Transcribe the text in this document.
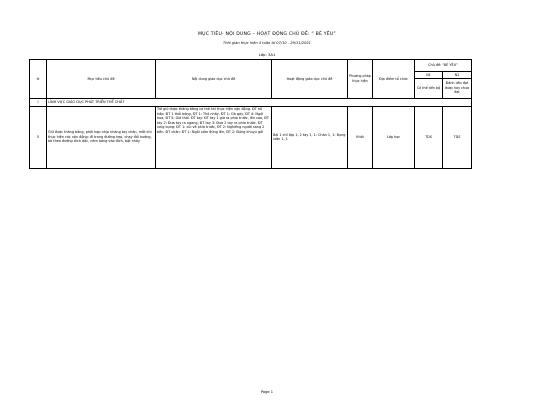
MỤC TIÊU- NỘI DUNG – HOẠT ĐỘNG CHỦ ĐỀ: “ BÉ YÊU”
Thời gian thực hiện 4 tuần từ 07/10 - 29/11/2021
Lớp: 3A1
tt	Mục tiêu chủ đề	Nội dung giáo dục chủ đề	Hoạt động giáo dục chủ đề	Phương pháp thực hiện	Địa điểm tổ chức	Chủ đề: “BÉ YÊU”	
						N1	N2
						Có thể tiến bộ	Đánh dấu đạt được hay chưa đạt
I	LĨNH VỰC GIÁO DỤC PHÁT TRIỂN THỂ CHẤT						
5	Giữ được thăng bằng, phối hợp nhịp nhàng tay chân, mắt khi thực hiện các vận động: đi trong đường hẹp, chạy đổi hướng, bò theo đường dích dắc, ném bóng vào đích, bật nhảy	Trẻ giữ được thăng bằng cơ thể khi thực hiện vận động. ĐT hô hấp: ĐT 1 thổi bóng, ĐT 1: Thỏ nhảy, ĐT 1: Gà gáy, ĐT 4: Ngửi hoa, ĐT 5: Gió thổi. ĐT tay: ĐT tay 1 giơ ra phía trước, lên cao, ĐT tay 2: Đưa tay ra ngang, ĐT tay 3: Đưa 2 tay ra phía trước. ĐT lưng bụng: ĐT 1: cúi về phía trước, ĐT 2: Nghiêng người sang 2 bên. ĐT chân: ĐT 1: Ngồi xổm đứng lên, ĐT 2: Đứng khuỵu gối	Bài 1 chỉ tập 1, 2 tay 1, 1: Chân 1, 1: Bụng lườn 1, 1	Khởi	Lớp học	TDS	TDS
Page 1
